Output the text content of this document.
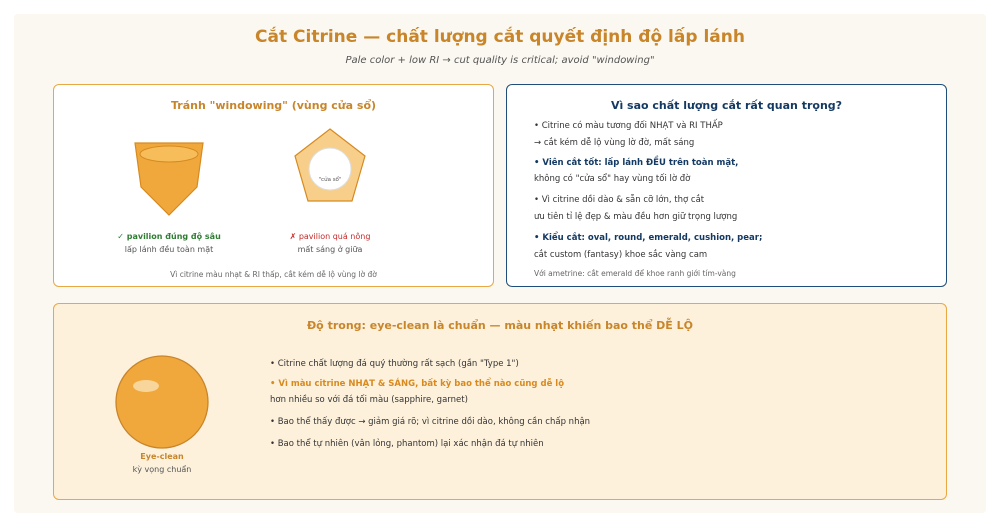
Cắt Citrine — chất lượng cắt quyết định độ lấp lánh
Pale color + low RI → cut quality is critical; avoid "windowing"
Tránh "windowing" (vùng cửa sổ)
"cửa sổ"
✓ pavilion đúng độ sâu
lấp lánh đều toàn mặt
✗ pavilion quá nông
mất sáng ở giữa
Vì citrine màu nhạt & RI thấp, cắt kém dễ lộ vùng lờ đờ
Vì sao chất lượng cắt rất quan trọng?
• Citrine có màu tương đối NHẠT và RI THẤP
→ cắt kém dễ lộ vùng lờ đờ, mất sáng
• Viên cắt tốt: lấp lánh ĐỀU trên toàn mặt,
không có "cửa sổ" hay vùng tối lờ đờ
• Vì citrine dồi dào & sẵn cỡ lớn, thợ cắt
ưu tiên tỉ lệ đẹp & màu đều hơn giữ trọng lượng
• Kiểu cắt: oval, round, emerald, cushion, pear;
cắt custom (fantasy) khoe sắc vàng cam
Với ametrine: cắt emerald để khoe ranh giới tím-vàng
Độ trong: eye-clean là chuẩn — màu nhạt khiến bao thể DỄ LỘ
Eye-clean
kỳ vọng chuẩn
• Citrine chất lượng đá quý thường rất sạch (gần "Type 1")
• Vì màu citrine NHẠT & SÁNG, bất kỳ bao thể nào cũng dễ lộ
hơn nhiều so với đá tối màu (sapphire, garnet)
• Bao thể thấy được → giảm giá rõ; vì citrine dồi dào, không cần chấp nhận
• Bao thể tự nhiên (vân lỏng, phantom) lại xác nhận đá tự nhiên
